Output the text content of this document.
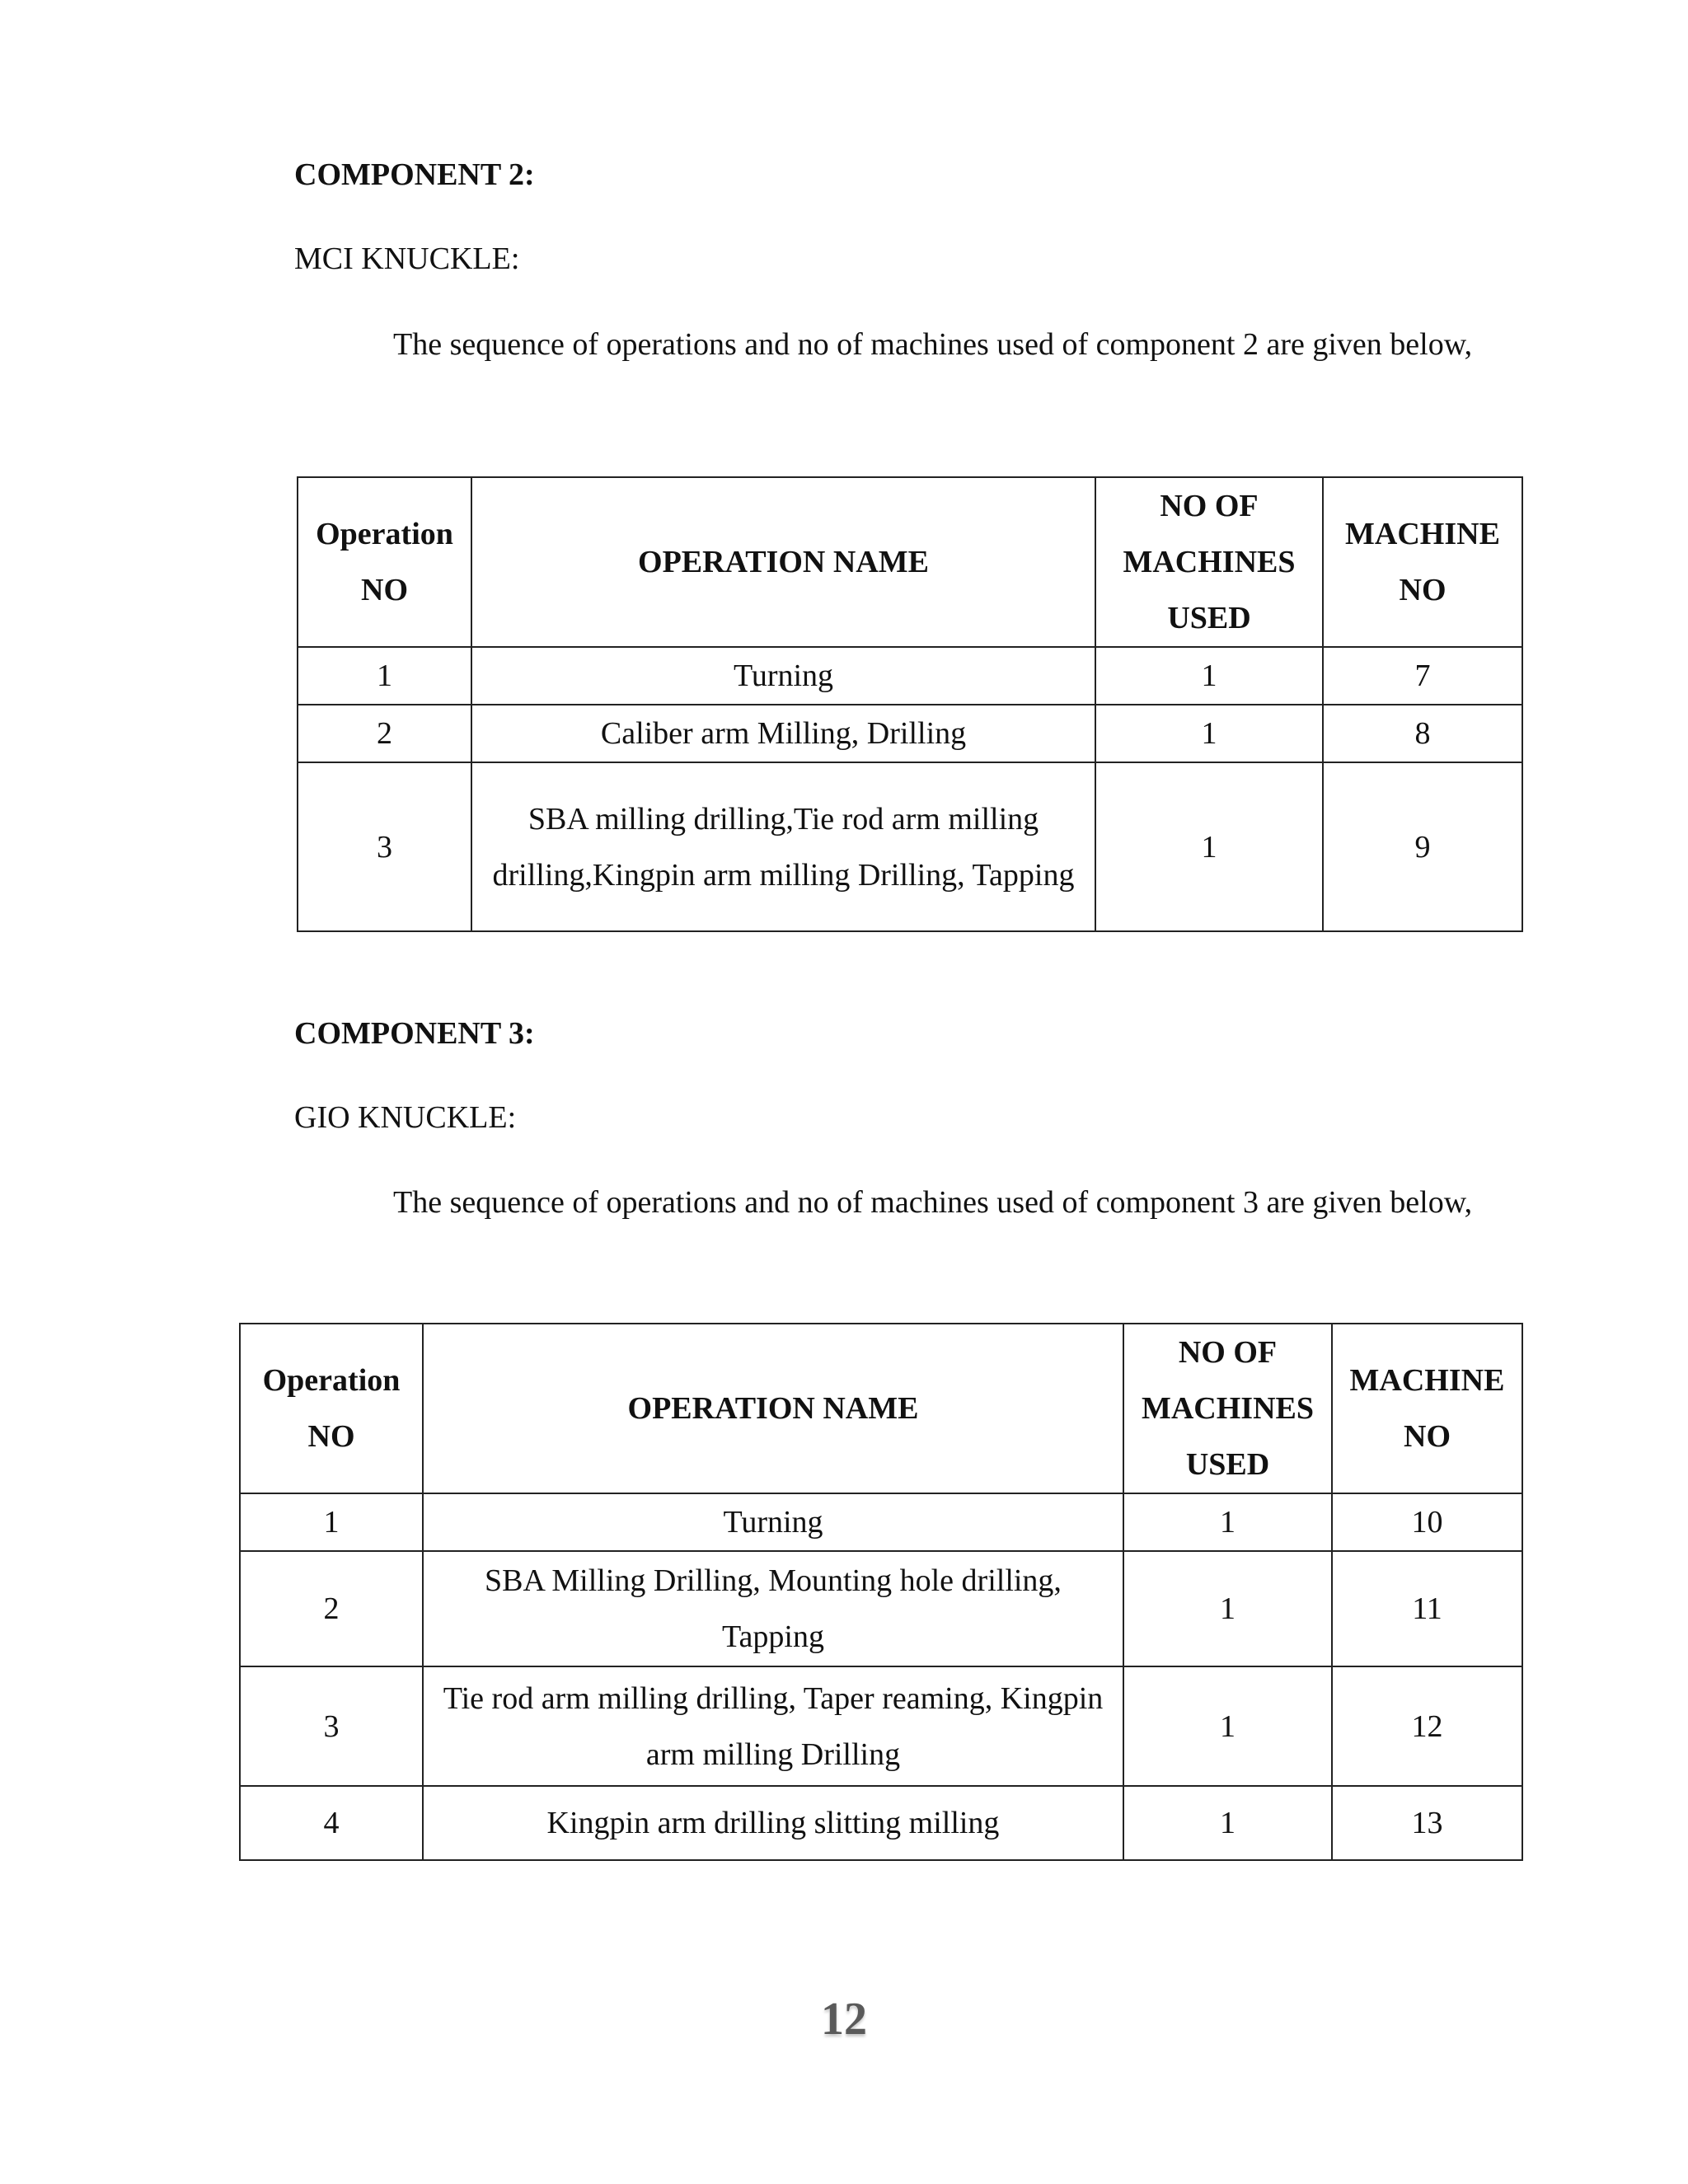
COMPONENT 2:

MCI KNUCKLE:

The sequence of operations and no of machines used of component 2 are given below,

Operation NO	OPERATION NAME	NO OF MACHINES USED	MACHINE NO
1	Turning	1	7
2	Caliber arm Milling, Drilling	1	8
3	SBA milling drilling,Tie rod arm milling drilling,Kingpin arm milling Drilling, Tapping	1	9
COMPONENT 3:

GIO KNUCKLE:

The sequence of operations and no of machines used of component 3 are given below,

Operation NO	OPERATION NAME	NO OF MACHINES USED	MACHINE NO
1	Turning	1	10
2	SBA Milling Drilling, Mounting hole drilling, Tapping	1	11
3	Tie rod arm milling drilling, Taper reaming, Kingpin arm milling Drilling	1	12
4	Kingpin arm drilling slitting milling	1	13
12
